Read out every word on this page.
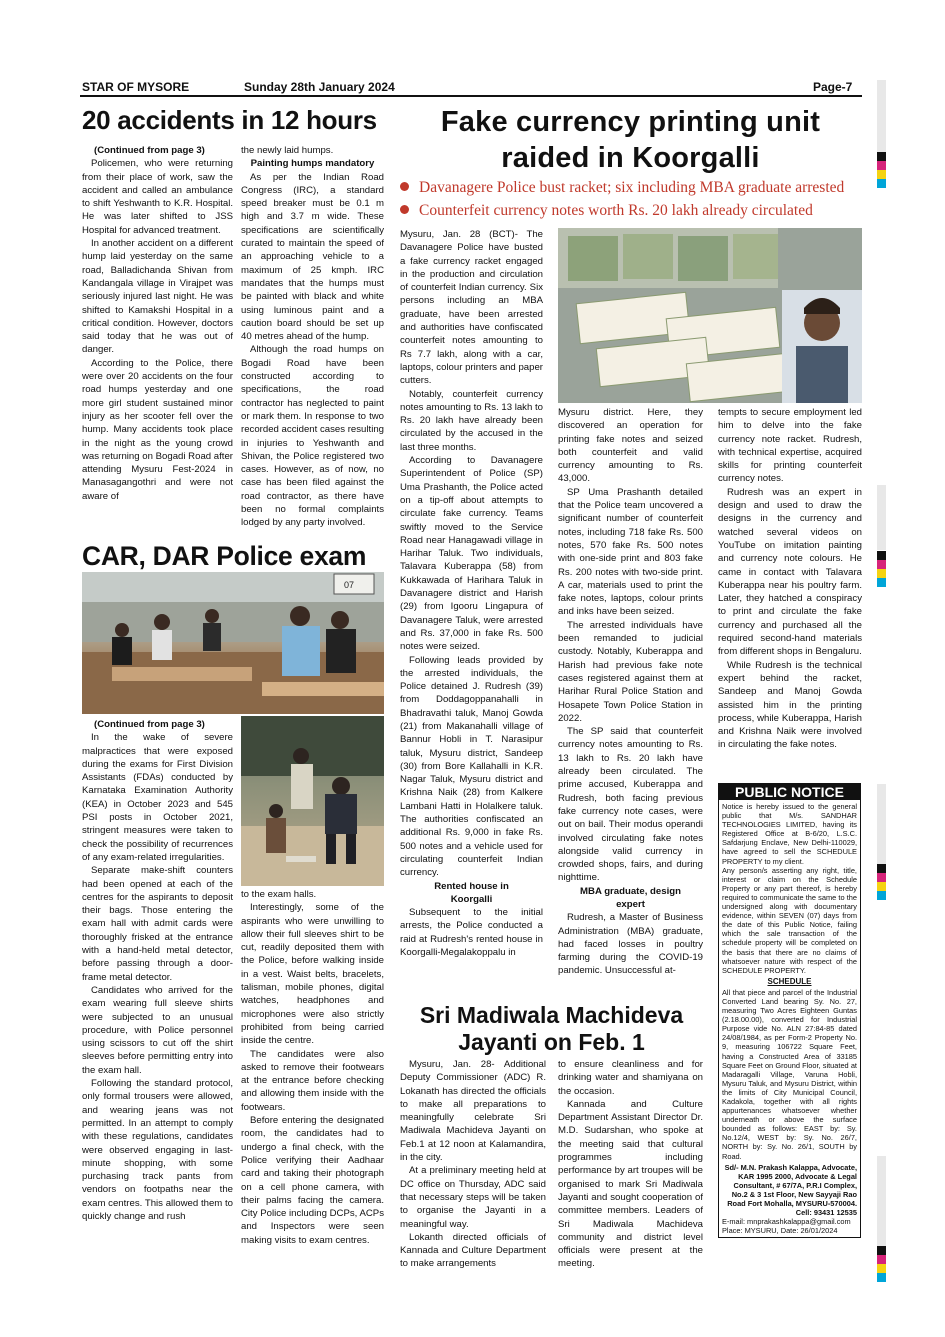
STAR OF MYSORE	Sunday 28th January 2024	Page-7
20 accidents in 12 hours

(Continued from page 3)

Policemen, who were returning from their place of work, saw the accident and called an ambulance to shift Yeshwanth to K.R. Hospital. He was later shifted to JSS Hospital for advanced treatment.

In another accident on a different hump laid yesterday on the same road, Balladichanda Shivan from Kandangala village in Virajpet was seriously injured last night. He was shifted to Kamakshi Hospital in a critical condition. However, doctors said today that he was out of danger.

According to the Police, there were over 20 accidents on the four road humps yesterday and one more girl student sustained minor injury as her scooter fell over the hump. Many accidents took place in the night as the young crowd was returning on Bogadi Road after attending Mysuru Fest-2024 in Manasagangothri and were not aware of

the newly laid humps.

Painting humps mandatory

As per the Indian Road Congress (IRC), a standard speed breaker must be 0.1 m high and 3.7 m wide. These specifications are scientifically curated to maintain the speed of an approaching vehicle to a maximum of 25 kmph. IRC mandates that the humps must be painted with black and white using luminous paint and a caution board should be set up 40 metres ahead of the hump.

Although the road humps on Bogadi Road have been constructed according to specifications, the road contractor has neglected to paint or mark them. In response to two recorded accident cases resulting in injuries to Yeshwanth and Shivan, the Police registered two cases. However, as of now, no case has been filed against the road contractor, as there have been no formal complaints lodged by any party involved.

CAR, DAR Police exam
07

(Continued from page 3)

In the wake of severe malpractices that were exposed during the exams for First Division Assistants (FDAs) conducted by Karnataka Examination Authority (KEA) in October 2023 and 545 PSI posts in October 2021, stringent measures were taken to check the possibility of recurrences of any exam-related irregularities.

Separate make-shift counters had been opened at each of the centres for the aspirants to deposit their bags. Those entering the exam hall with admit cards were thoroughly frisked at the entrance with a hand-held metal detector, before passing through a door-frame metal detector.

Candidates who arrived for the exam wearing full sleeve shirts were subjected to an unusual procedure, with Police personnel using scissors to cut off the shirt sleeves before permitting entry into the exam hall.

Following the standard protocol, only formal trousers were allowed, and wearing jeans was not permitted. In an attempt to comply with these regulations, candidates were observed engaging in last-minute shopping, with some purchasing track pants from vendors on footpaths near the exam centres. This allowed them to quickly change and rush

to the exam halls.

Interestingly, some of the aspirants who were unwilling to allow their full sleeves shirt to be cut, readily deposited them with the Police, before walking inside in a vest. Waist belts, bracelets, talisman, mobile phones, digital watches, headphones and microphones were also strictly prohibited from being carried inside the centre.

The candidates were also asked to remove their footwears at the entrance before checking and allowing them inside with the footwears.

Before entering the designated room, the candidates had to undergo a final check, with the Police verifying their Aadhaar card and taking their photograph on a cell phone camera, with their palms facing the camera. City Police including DCPs, ACPs and Inspectors were seen making visits to exam centres.

Fake currency printing unit
raided in Koorgalli
Davanagere Police bust racket; six including MBA graduate arrested
Counterfeit currency notes worth Rs. 20 lakh already circulated

Mysuru, Jan. 28 (BCT)- The Davanagere Police have busted a fake currency racket engaged in the production and circulation of counterfeit Indian currency. Six persons including an MBA graduate, have been arrested and authorities have confiscated counterfeit notes amounting to Rs 7.7 lakh, along with a car, laptops, colour printers and paper cutters.

Notably, counterfeit currency notes amounting to Rs. 13 lakh to Rs. 20 lakh have already been circulated by the accused in the last three months.

According to Davanagere Superintendent of Police (SP) Uma Prashanth, the Police acted on a tip-off about attempts to circulate fake currency. Teams swiftly moved to the Service Road near Hanagawadi village in Harihar Taluk. Two individuals, Talavara Kuberappa (58) from Kukkawada of Harihara Taluk in Davanagere district and Harish (29) from Igooru Lingapura of Davanagere Taluk, were arrested and Rs. 37,000 in fake Rs. 500 notes were seized.

Following leads provided by the arrested individuals, the Police detained J. Rudresh (39) from Doddagoppanahalli in Bhadravathi taluk, Manoj Gowda (21) from Makanahalli village of Bannur Hobli in T. Narasipur taluk, Mysuru district, Sandeep (30) from Bore Kallahalli in K.R. Nagar Taluk, Mysuru district and Krishna Naik (28) from Kalkere Lambani Hatti in Holalkere taluk. The authorities confiscated an additional Rs. 9,000 in fake Rs. 500 notes and a vehicle used for circulating counterfeit Indian currency.

Rented house in Koorgalli

Subsequent to the initial arrests, the Police conducted a raid at Rudresh's rented house in Koorgalli-Megalakoppalu in

Mysuru district. Here, they discovered an operation for printing fake notes and seized both counterfeit and valid currency amounting to Rs. 43,000.

SP Uma Prashanth detailed that the Police team uncovered a significant number of counterfeit notes, including 718 fake Rs. 500 notes, 570 fake Rs. 500 notes with one-side print and 803 fake Rs. 200 notes with two-side print. A car, materials used to print the fake notes, laptops, colour prints and inks have been seized.

The arrested individuals have been remanded to judicial custody. Notably, Kuberappa and Harish had previous fake note cases registered against them at Harihar Rural Police Station and Hosapete Town Police Station in 2022.

The SP said that counterfeit currency notes amounting to Rs. 13 lakh to Rs. 20 lakh have already been circulated. The prime accused, Kuberappa and Rudresh, both facing previous fake currency note cases, were out on bail. Their modus operandi involved circulating fake notes alongside valid currency in crowded shops, fairs, and during nighttime.

MBA graduate, design expert

Rudresh, a Master of Business Administration (MBA) graduate, had faced losses in poultry farming during the COVID-19 pandemic. Unsuccessful at-

tempts to secure employment led him to delve into the fake currency note racket. Rudresh, with technical expertise, acquired skills for printing counterfeit currency notes.

Rudresh was an expert in design and used to draw the designs in the currency and watched several videos on YouTube on imitation painting and currency note colours. He came in contact with Talavara Kuberappa near his poultry farm. Later, they hatched a conspiracy to print and circulate the fake currency and purchased all the required second-hand materials from different shops in Bengaluru.

While Rudresh is the technical expert behind the racket, Sandeep and Manoj Gowda assisted him in the printing process, while Kuberappa, Harish and Krishna Naik were involved in circulating the fake notes.

Sri Madiwala Machideva
Jayanti on Feb. 1

Mysuru, Jan. 28- Additional Deputy Commissioner (ADC) R. Lokanath has directed the officials to make all preparations to meaningfully celebrate Sri Madiwala Machideva Jayanti on Feb.1 at 12 noon at Kalamandira, in the city.

At a preliminary meeting held at DC office on Thursday, ADC said that necessary steps will be taken to organise the Jayanti in a meaningful way.

Lokanth directed officials of Kannada and Culture Department to make arrangements

to ensure cleanliness and for drinking water and shamiyana on the occasion.

Kannada and Culture Department Assistant Director Dr. M.D. Sudarshan, who spoke at the meeting said that cultural programmes including performance by art troupes will be organised to mark Sri Madiwala Jayanti and sought cooperation of committee members. Leaders of Sri Madiwala Machideva community and district level officials were present at the meeting.

PUBLIC NOTICE
Notice is hereby issued to the general public that M/s. SANDHAR TECHNOLOGIES LIMITED, having its Registered Office at B-6/20, L.S.C. Safdarjung Enclave, New Delhi-110029, have agreed to sell the SCHEDULE PROPERTY to my client.
Any person/s asserting any right, title, interest or claim on the Schedule Property or any part thereof, is hereby required to communicate the same to the undersigned along with documentary evidence, within SEVEN (07) days from the date of this Public Notice, failing which the sale transaction of the schedule property will be completed on the basis that there are no claims of whatsoever nature with respect of the SCHEDULE PROPERTY.
SCHEDULE
All that piece and parcel of the Industrial Converted Land bearing Sy. No. 27, measuring Two Acres Eighteen Guntas (2.18.00.00), converted for Industrial Purpose vide No. ALN 27:84-85 dated 24/08/1984, as per Form-2 Property No. 9, measuring 106722 Square Feet, having a Constructed Area of 33185 Square Feet on Ground Floor, situated at Madaragalli Village, Varuna Hobli, Mysuru Taluk, and Mysuru District, within the limits of City Municipal Council, Kadakola, together with all rights appurtenances whatsoever whether underneath or above the surface bounded as follows: EAST by: Sy. No.12/4, WEST by: Sy. No. 26/7, NORTH by: Sy. No. 26/1, SOUTH by Road.
Sd/- M.N. Prakash Kalappa, Advocate, KAR 1995 2000, Advocate & Legal Consultant, # 67/7A, P.R.I Complex, No.2 & 3 1st Floor, New Sayyaji Rao Road Fort Mohalla, MYSURU-570004. Cell: 93431 12535
E-mail: mnprakashkalappa@gmail.com
Place: MYSURU, Date: 26/01/2024
